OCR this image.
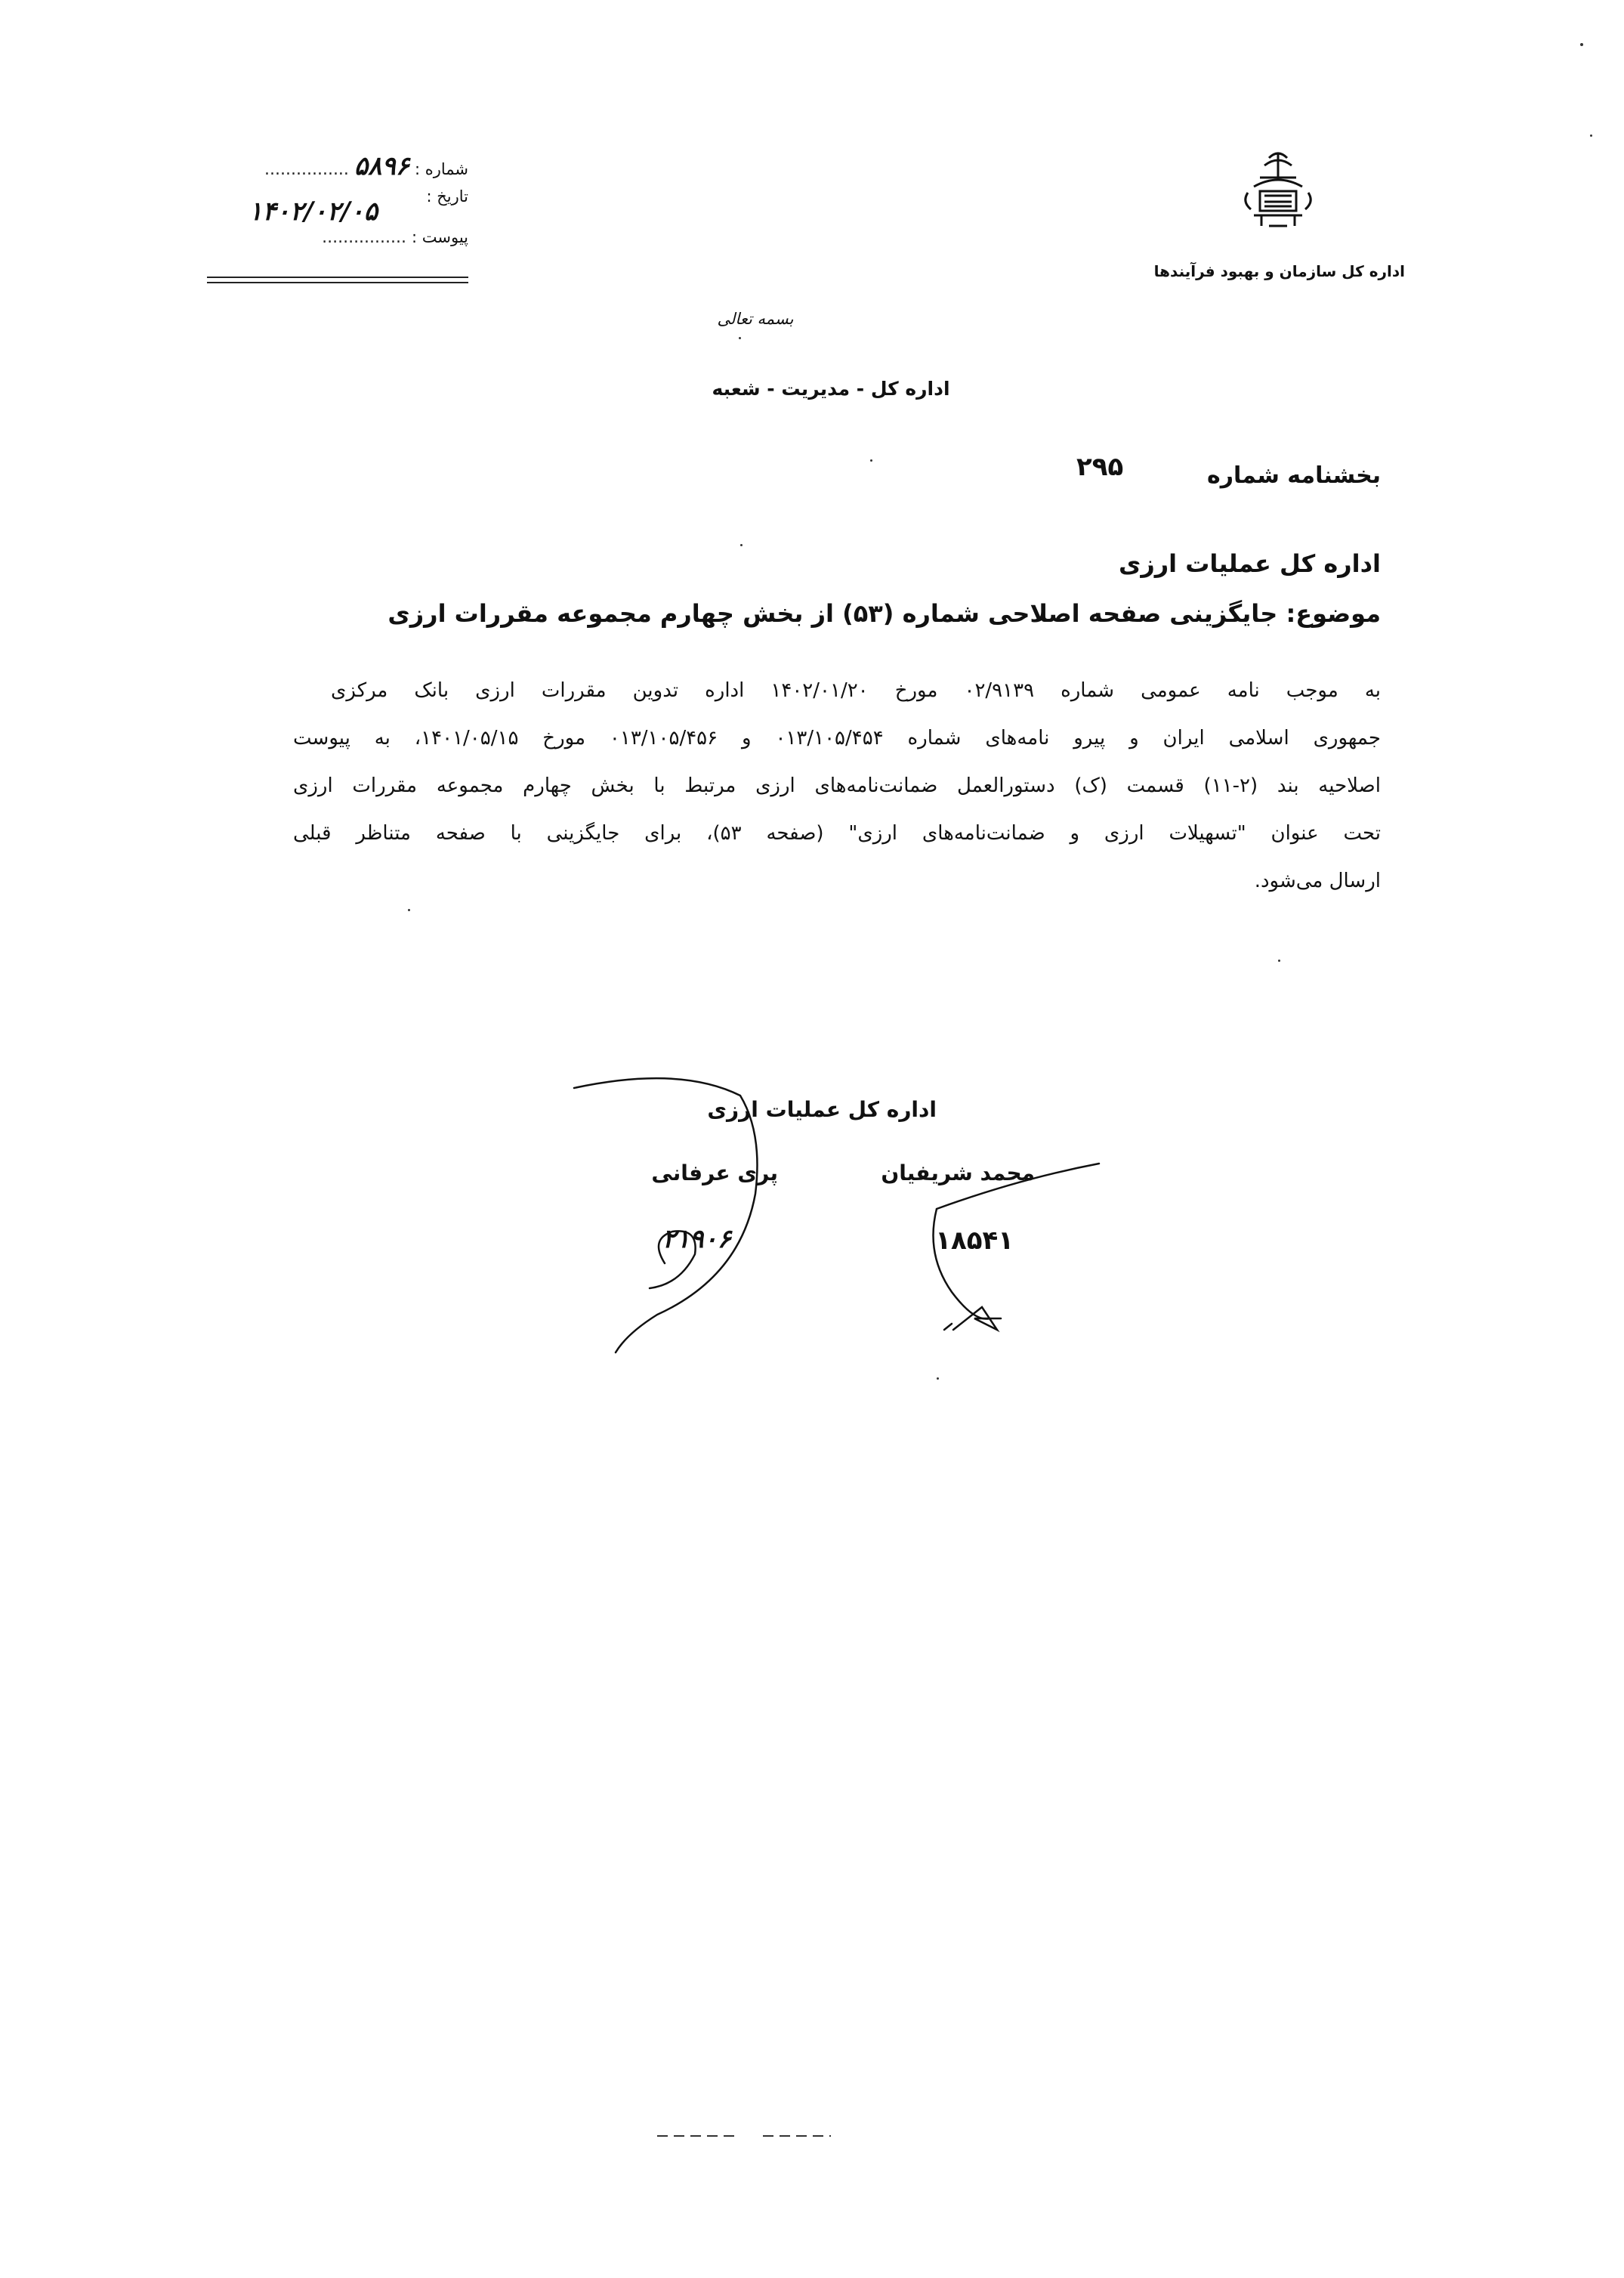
اداره کل سازمان و بهبود فرآیندها
شماره : ۵۸۹۶ ................
تاریخ :
۱۴۰۲/۰۲/۰۵
پیوست : ................
بسمه تعالی
اداره کل - مدیریت - شعبه
بخشنامه شماره
۲۹۵
اداره کل عملیات ارزی
موضوع: جایگزینی صفحه اصلاحی شماره (۵۳) از بخش چهارم مجموعه مقررات ارزی
به موجب نامه عمومی شماره ۰۲/۹۱۳۹ مورخ ۱۴۰۲/۰۱/۲۰ اداره تدوین مقررات ارزی بانک مرکزی
جمهوری اسلامی ایران و پیرو نامه‌های شماره ۰۱۳/۱۰۵/۴۵۴ و ۰۱۳/۱۰۵/۴۵۶ مورخ ۱۴۰۱/۰۵/۱۵، به پیوست
اصلاحیه بند (۲-۱۱) قسمت (ک) دستورالعمل ضمانت‌نامه‌های ارزی مرتبط با بخش چهارم مجموعه مقررات ارزی
تحت عنوان "تسهیلات ارزی و ضمانت‌نامه‌های ارزی" (صفحه ۵۳)، برای جایگزینی با صفحه متناظر قبلی
ارسال می‌شود.
اداره کل عملیات ارزی
محمد شریفیان
۱۸۵۴۱
پری عرفانی
۲۱۹۰۶
